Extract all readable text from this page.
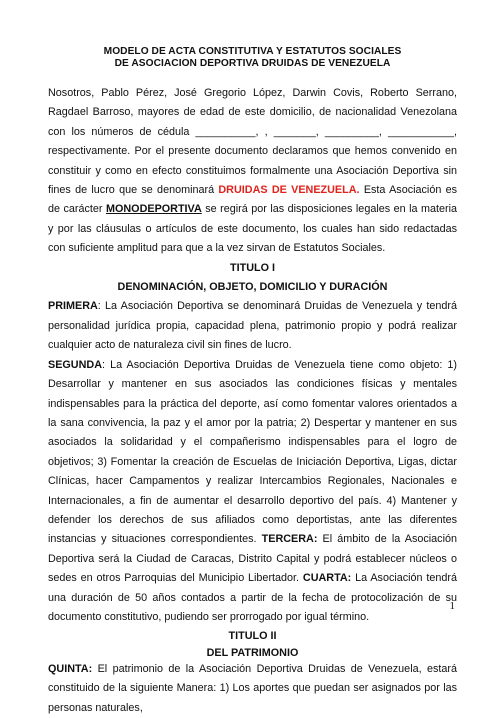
MODELO DE ACTA CONSTITUTIVA Y ESTATUTOS SOCIALES
DE ASOCIACION DEPORTIVA DRUIDAS DE VENEZUELA

Nosotros, Pablo Pérez, José Gregorio López, Darwin Covis, Roberto Serrano, Ragdael Barroso, mayores de edad de este domicilio, de nacionalidad Venezolana con los números de cédula __________, , _______, _________, ___________, respectivamente. Por el presente documento declaramos que hemos convenido en constituir y como en efecto constituimos formalmente una Asociación Deportiva sin fines de lucro que se denominará DRUIDAS DE VENEZUELA. Esta Asociación es de carácter MONODEPORTIVA se regirá por las disposiciones legales en la materia y por las cláusulas o artículos de este documento, los cuales han sido redactadas con suficiente amplitud para que a la vez sirvan de Estatutos Sociales.

TITULO I
DENOMINACIÓN, OBJETO, DOMICILIO Y DURACIÓN

PRIMERA: La Asociación Deportiva se denominará Druidas de Venezuela y tendrá personalidad jurídica propia, capacidad plena, patrimonio propio y podrá realizar cualquier acto de naturaleza civil sin fines de lucro.

SEGUNDA: La Asociación Deportiva Druidas de Venezuela tiene como objeto: 1) Desarrollar y mantener en sus asociados las condiciones físicas y mentales indispensables para la práctica del deporte, así como fomentar valores orientados a la sana convivencia, la paz y el amor por la patria; 2) Despertar y mantener en sus asociados la solidaridad y el compañerismo indispensables para el logro de objetivos; 3) Fomentar la creación de Escuelas de Iniciación Deportiva, Ligas, dictar Clínicas, hacer Campamentos y realizar Intercambios Regionales, Nacionales e Internacionales, a fin de aumentar el desarrollo deportivo del país. 4) Mantener y defender los derechos de sus afiliados como deportistas, ante las diferentes instancias y situaciones correspondientes. TERCERA: El ámbito de la Asociación Deportiva será la Ciudad de Caracas, Distrito Capital y podrá establecer núcleos o sedes en otros Parroquias del Municipio Libertador. CUARTA: La Asociación tendrá una duración de 50 años contados a partir de la fecha de protocolización de su documento constitutivo, pudiendo ser prorrogado por igual término.

TITULO II
DEL PATRIMONIO

QUINTA: El patrimonio de la Asociación Deportiva Druidas de Venezuela, estará constituido de la siguiente Manera: 1) Los aportes que puedan ser asignados por las personas naturales,

1
